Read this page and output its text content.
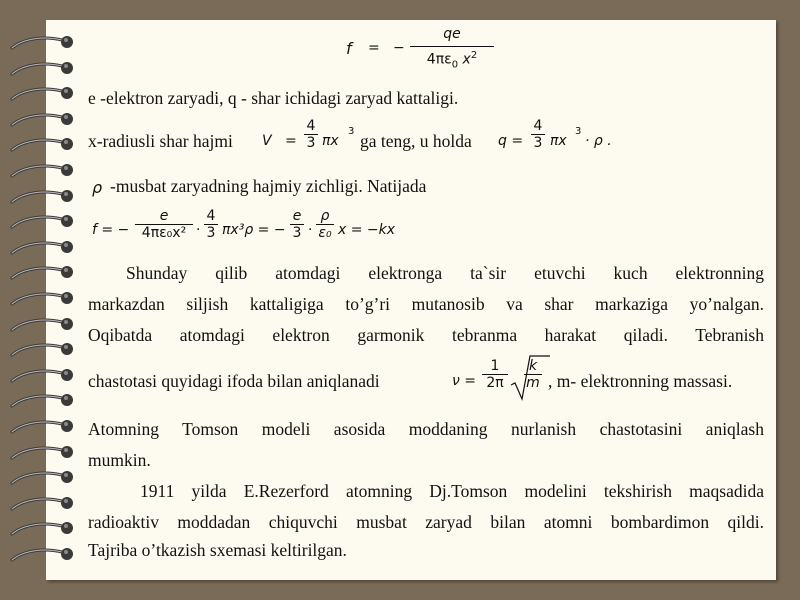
f = − $\frac{qe}{4\pi\varepsilon_0 x^2}$
e -elektron zaryadi, q - shar ichidagi zaryad kattaligi.
x-radiusli shar hajmi $V = \frac{4}{3}$ πx
3 ga teng, u holda $q = \frac{4}{3}$ πx
3
· ρ .
ρ -musbat zaryadning hajmiy zichligi. Natijada
f = − $\frac{e}{\text{4πε₀x²}} \cdot \frac{4}{3} \pi x^3\rho$ = − $\frac{e}{3} \cdot \frac{\rho}{\text{ε₀}}$ x = −kx
Shunday qilib atomdagi elektronga ta`sir etuvchi kuch elektronning
markazdan siljish kattaligiga to’g’ri mutanosib va shar markaziga yo’nalgan.
Oqibatda atomdagi elektron garmonik tebranma harakat qiladi. Tebranish
chastotasi quyidagi ifoda bilan aniqlanadi	$\nu = \frac{1}{2\pi} \frac{k}{m}$ , m- elektronning massasi.
Atomning Tomson modeli asosida moddaning nurlanish chastotasini aniqlash
mumkin.
1911 yilda E.Rezerford atomning Dj.Tomson modelini tekshirish maqsadida
radioaktiv moddadan chiquvchi musbat zaryad bilan atomni bombardimon qildi.
Tajriba o’tkazish sxemasi keltirilgan.
